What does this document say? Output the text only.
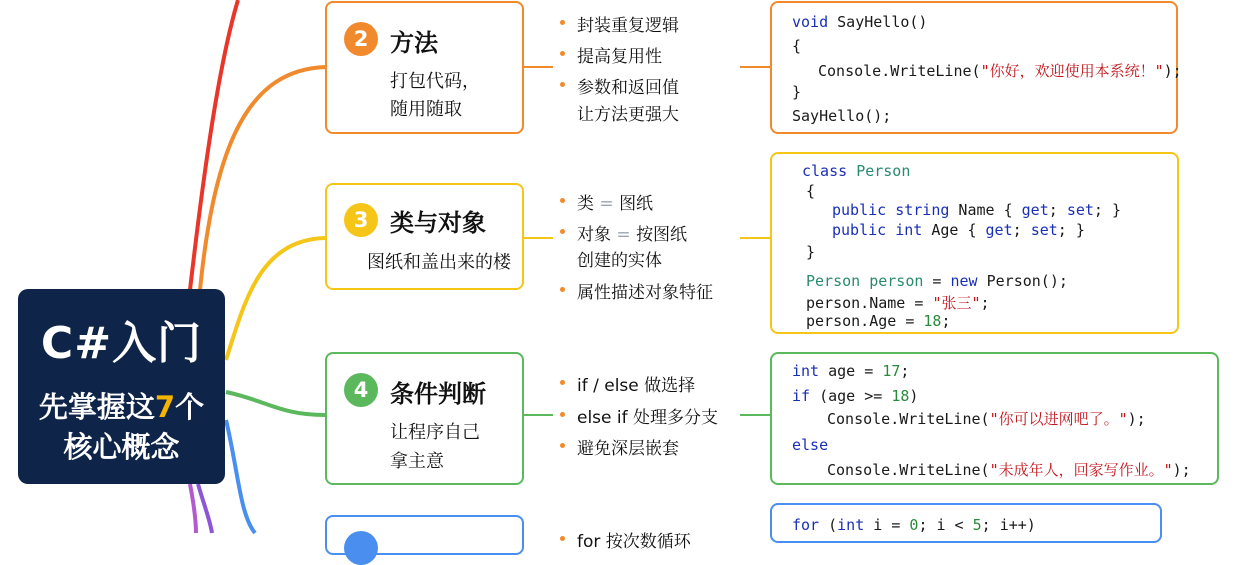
C#入门
先掌握这7个
核心概念
2 方法
打包代码，
随用随取
封装重复逻辑
提高复用性
参数和返回值
让方法更强大
void SayHello()
{
Console.WriteLine("你好，欢迎使用本系统！");
}
SayHello();
3 类与对象
图纸和盖出来的楼
类 = 图纸
对象 = 按图纸
创建的实体
属性描述对象特征
class Person
{
public string Name { get; set; }
public int Age { get; set; }
}
Person person = new Person();
person.Name = "张三";
person.Age = 18;
4 条件判断
让程序自己
拿主意
if / else 做选择
else if 处理多分支
避免深层嵌套
int age = 17;
if (age >= 18)
Console.WriteLine("你可以进网吧了。");
else
Console.WriteLine("未成年人，回家写作业。");
for 按次数循环
for (int i = 0; i < 5; i++)
